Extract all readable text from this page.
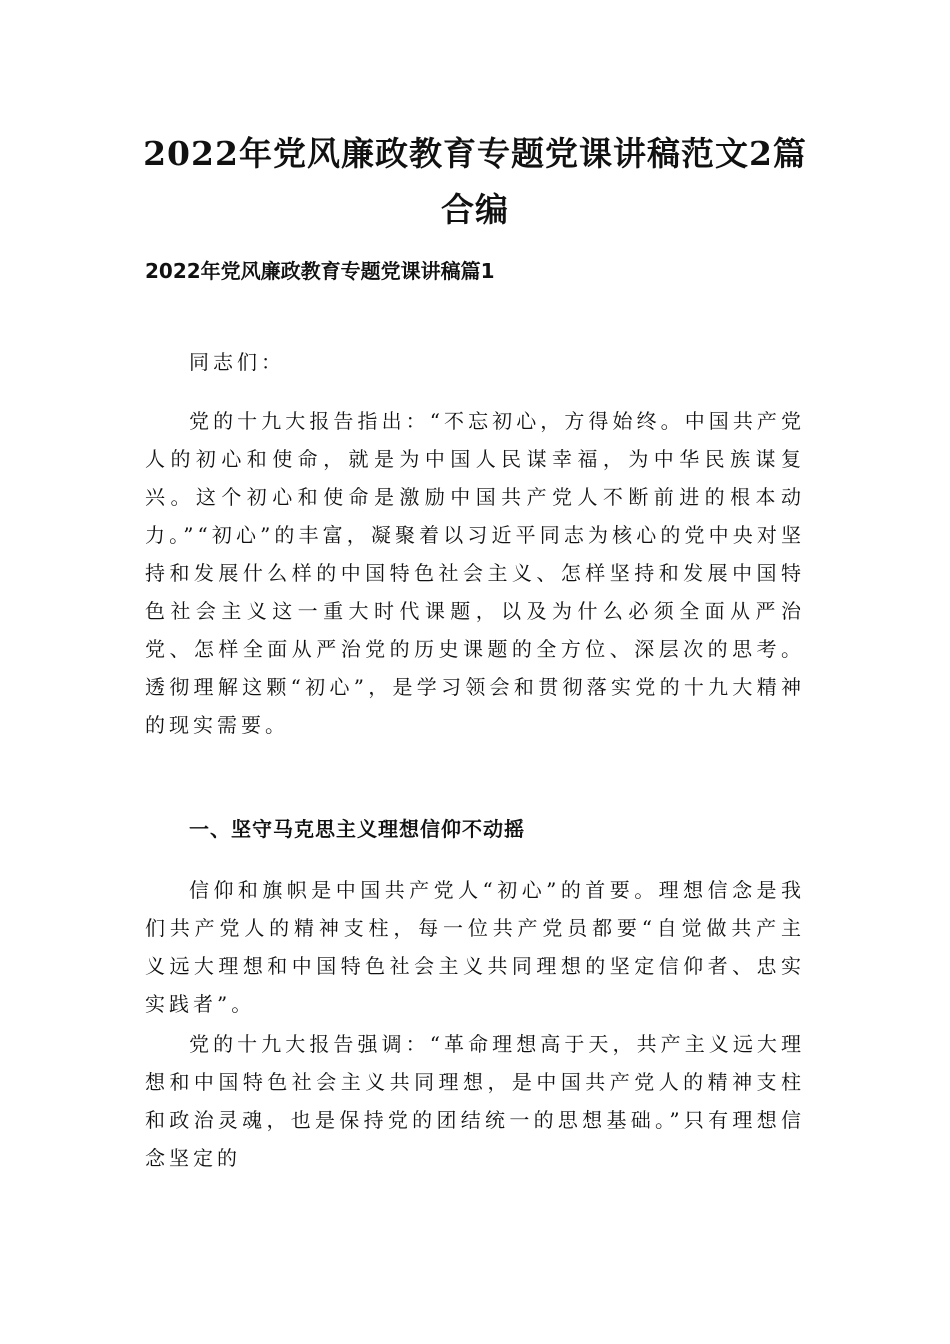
2022年党风廉政教育专题党课讲稿范文2篇合编
2022年党风廉政教育专题党课讲稿篇1

同志们：

党的十九大报告指出：“不忘初心，方得始终。中国共产党人的初心和使命，就是为中国人民谋幸福，为中华民族谋复兴。这个初心和使命是激励中国共产党人不断前进的根本动力。”“初心”的丰富，凝聚着以习近平同志为核心的党中央对坚持和发展什么样的中国特色社会主义、怎样坚持和发展中国特色社会主义这一重大时代课题，以及为什么必须全面从严治党、怎样全面从严治党的历史课题的全方位、深层次的思考。透彻理解这颗“初心”，是学习领会和贯彻落实党的十九大精神的现实需要。

一、坚守马克思主义理想信仰不动摇

信仰和旗帜是中国共产党人“初心”的首要。理想信念是我们共产党人的精神支柱，每一位共产党员都要“自觉做共产主义远大理想和中国特色社会主义共同理想的坚定信仰者、忠实实践者”。

党的十九大报告强调：“革命理想高于天，共产主义远大理想和中国特色社会主义共同理想，是中国共产党人的精神支柱和政治灵魂，也是保持党的团结统一的思想基础。”只有理想信念坚定的
